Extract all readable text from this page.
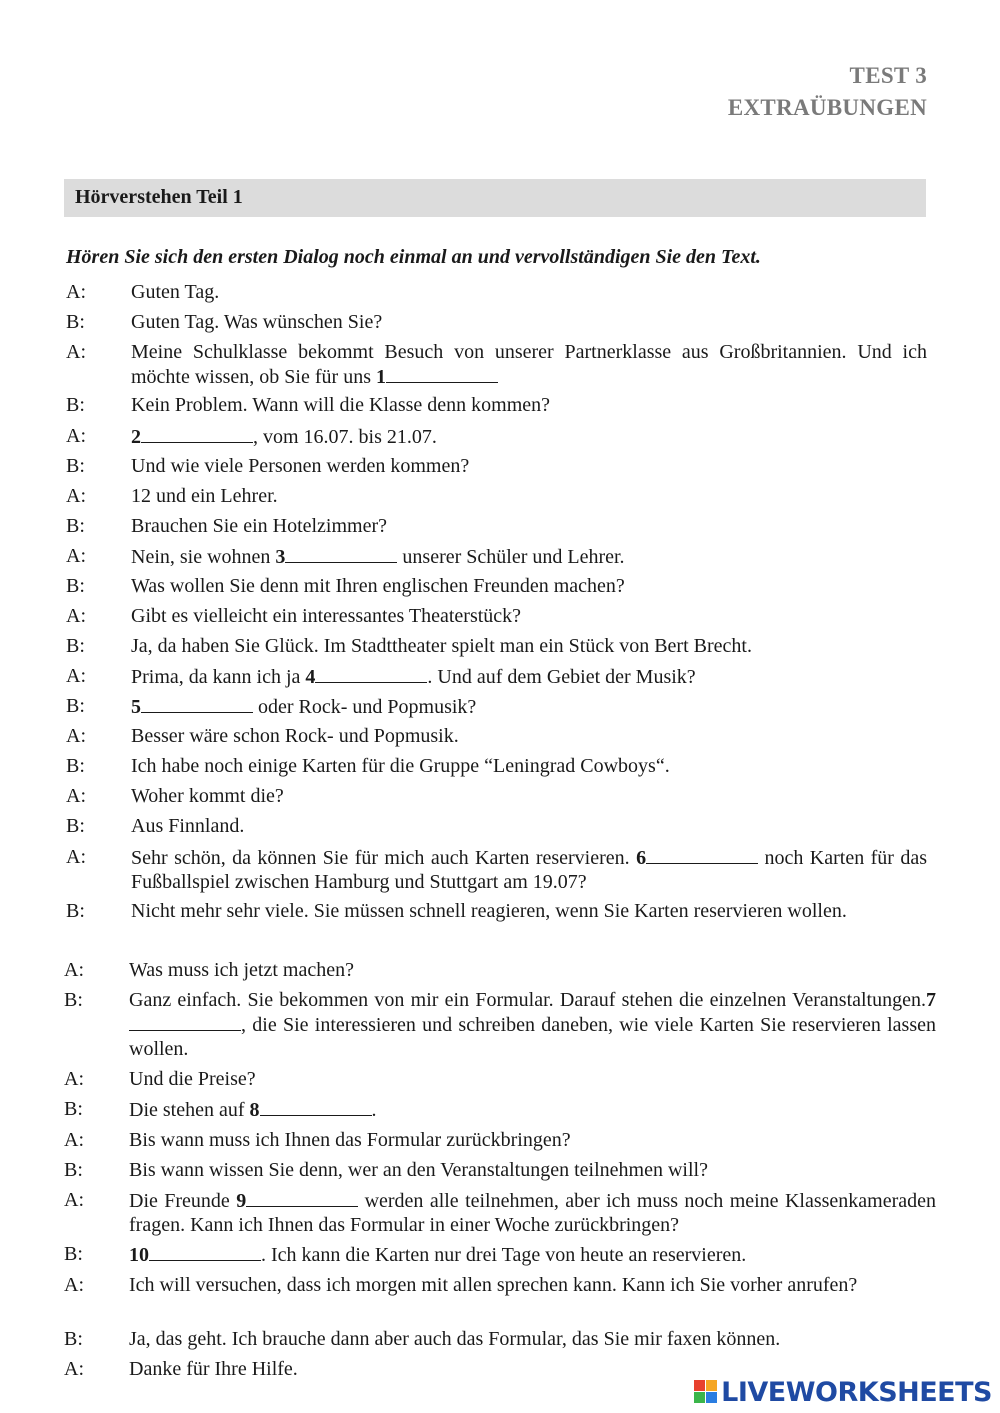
TEST 3
EXTRAÜBUNGEN
Hörverstehen Teil 1
Hören Sie sich den ersten Dialog noch einmal an und vervollständigen Sie den Text.
A: Guten Tag.
B: Guten Tag. Was wünschen Sie?
A: Meine Schulklasse bekommt Besuch von unserer Partnerklasse aus Großbritannien. Und ich möchte wissen, ob Sie für uns 1
B: Kein Problem. Wann will die Klasse denn kommen?
A: 2	, vom 16.07. bis 21.07.
B: Und wie viele Personen werden kommen?
A: 12 und ein Lehrer.
B: Brauchen Sie ein Hotelzimmer?
A: Nein, sie wohnen 3	unserer Schüler und Lehrer.
B: Was wollen Sie denn mit Ihren englischen Freunden machen?
A: Gibt es vielleicht ein interessantes Theaterstück?
B: Ja, da haben Sie Glück. Im Stadttheater spielt man ein Stück von Bert Brecht.
A: Prima, da kann ich ja 4	. Und auf dem Gebiet der Musik?
B: 5	oder Rock- und Popmusik?
A: Besser wäre schon Rock- und Popmusik.
B: Ich habe noch einige Karten für die Gruppe “Leningrad Cowboys“.
A: Woher kommt die?
B: Aus Finnland.
A: Sehr schön, da können Sie für mich auch Karten reservieren. 6	noch Karten für das Fußballspiel zwischen Hamburg und Stuttgart am 19.07?
B: Nicht mehr sehr viele. Sie müssen schnell reagieren, wenn Sie Karten reservieren wollen.
A: Was muss ich jetzt machen?
B: Ganz einfach. Sie bekommen von mir ein Formular. Darauf stehen die einzelnen Veranstaltungen.7, die Sie interessieren und schreiben daneben, wie viele Karten Sie reservieren lassen wollen.
A: Und die Preise?
B: Die stehen auf 8	.
A: Bis wann muss ich Ihnen das Formular zurückbringen?
B: Bis wann wissen Sie denn, wer an den Veranstaltungen teilnehmen will?
A: Die Freunde 9	werden alle teilnehmen, aber ich muss noch meine Klassenkameraden fragen. Kann ich Ihnen das Formular in einer Woche zurückbringen?
B: 10	. Ich kann die Karten nur drei Tage von heute an reservieren.
A: Ich will versuchen, dass ich morgen mit allen sprechen kann. Kann ich Sie vorher anrufen?
B: Ja, das geht. Ich brauche dann aber auch das Formular, das Sie mir faxen können.
A: Danke für Ihre Hilfe.
LIVEWORKSHEETS
